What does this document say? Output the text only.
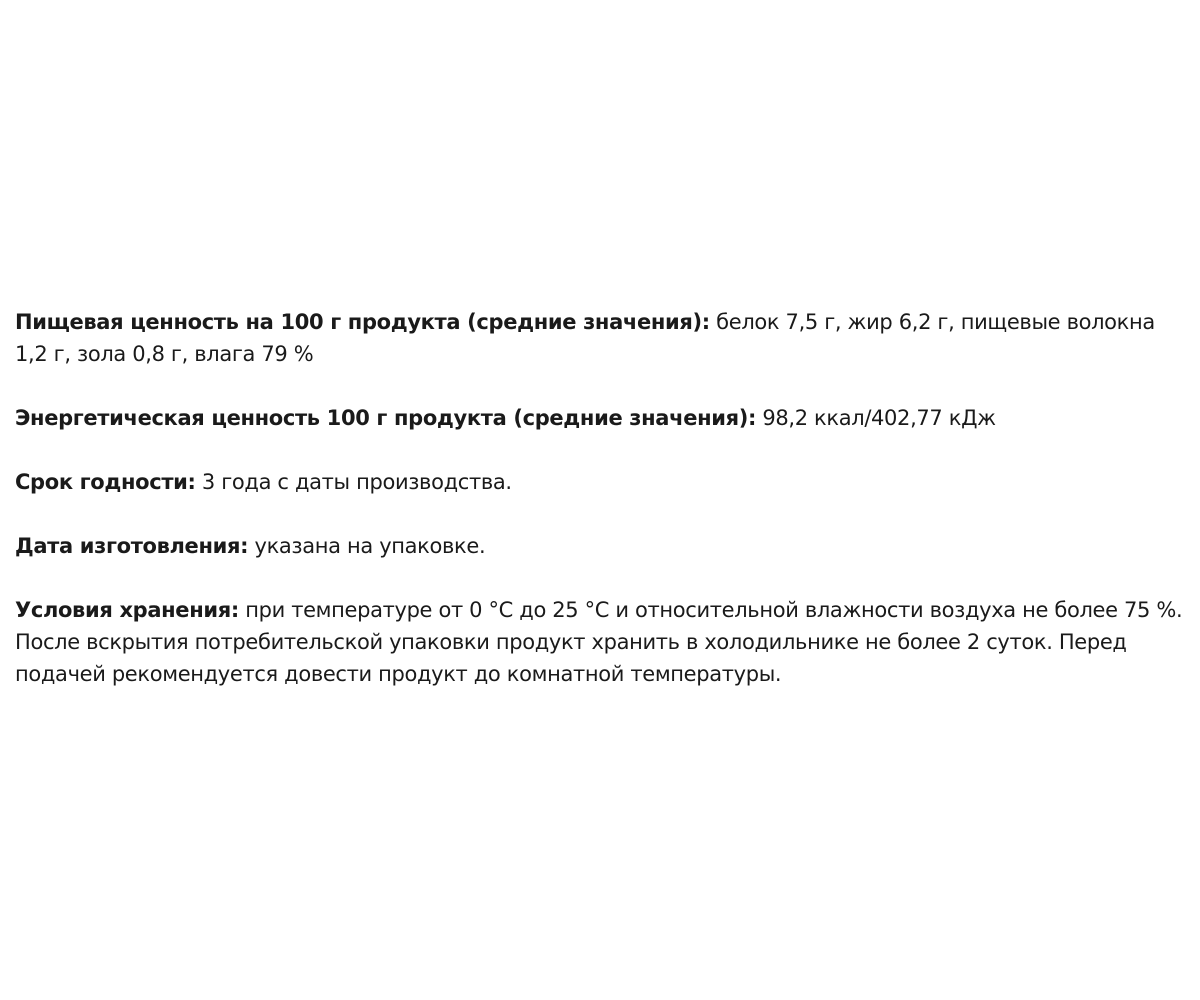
Пищевая ценность на 100 г продукта (средние значения): белок 7,5 г, жир 6,2 г, пищевые волокна 1,2 г, зола 0,8 г, влага 79 %

Энергетическая ценность 100 г продукта (средние значения): 98,2 ккал/402,77 кДж

Срок годности: 3 года с даты производства.

Дата изготовления: указана на упаковке.

Условия хранения: при температуре от 0 °C до 25 °C и относительной влажности воздуха не более 75 %. После вскрытия потребительской упаковки продукт хранить в холодильнике не более 2 суток. Перед подачей рекомендуется довести продукт до комнатной температуры.
